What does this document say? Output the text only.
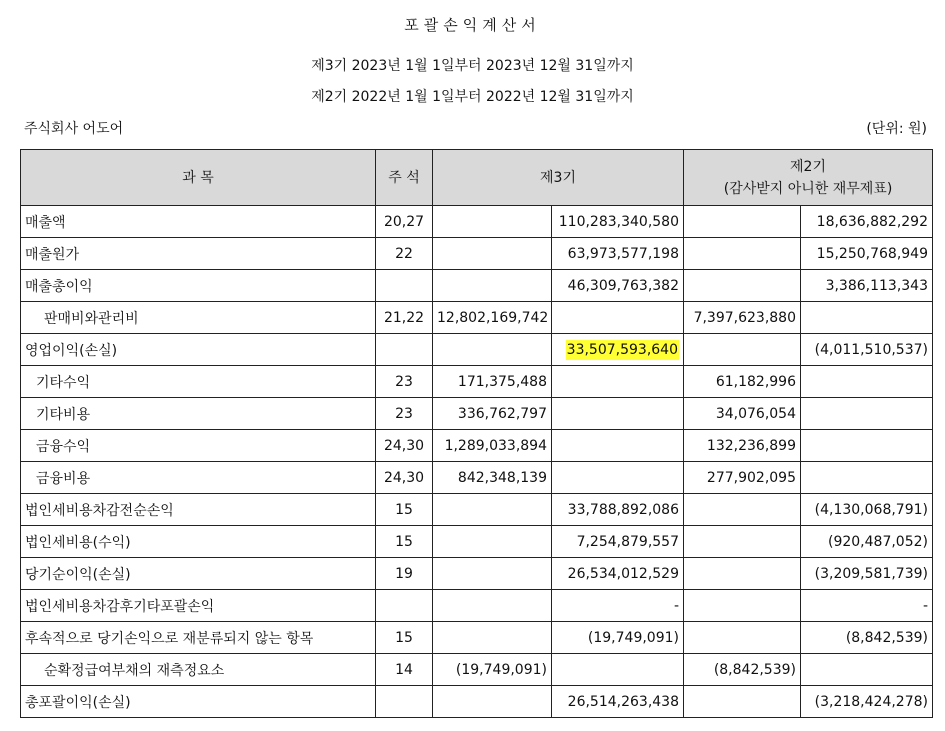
포괄손익계산서
제3기 2023년 1월 1일부터 2023년 12월 31일까지
제2기 2022년 1월 1일부터 2022년 12월 31일까지
주식회사 어도어	(단위: 원)
과 목	주 석	제3기		제2기
(감사받지 아니한 재무제표)	

매출액	20,27		110,283,340,580		18,636,882,292
매출원가	22		63,973,577,198		15,250,768,949
매출총이익			46,309,763,382		3,386,113,343
판매비와관리비	21,22	12,802,169,742		7,397,623,880	
영업이익(손실)			33,507,593,640		(4,011,510,537)
기타수익	23	171,375,488		61,182,996	
기타비용	23	336,762,797		34,076,054	
금융수익	24,30	1,289,033,894		132,236,899	
금융비용	24,30	842,348,139		277,902,095	
법인세비용차감전순손익	15		33,788,892,086		(4,130,068,791)
법인세비용(수익)	15		7,254,879,557		(920,487,052)
당기순이익(손실)	19		26,534,012,529		(3,209,581,739)
법인세비용차감후기타포괄손익			-		-
후속적으로 당기손익으로 재분류되지 않는 항목	15		(19,749,091)		(8,842,539)
순확정급여부채의 재측정요소	14	(19,749,091)		(8,842,539)	
총포괄이익(손실)			26,514,263,438		(3,218,424,278)
